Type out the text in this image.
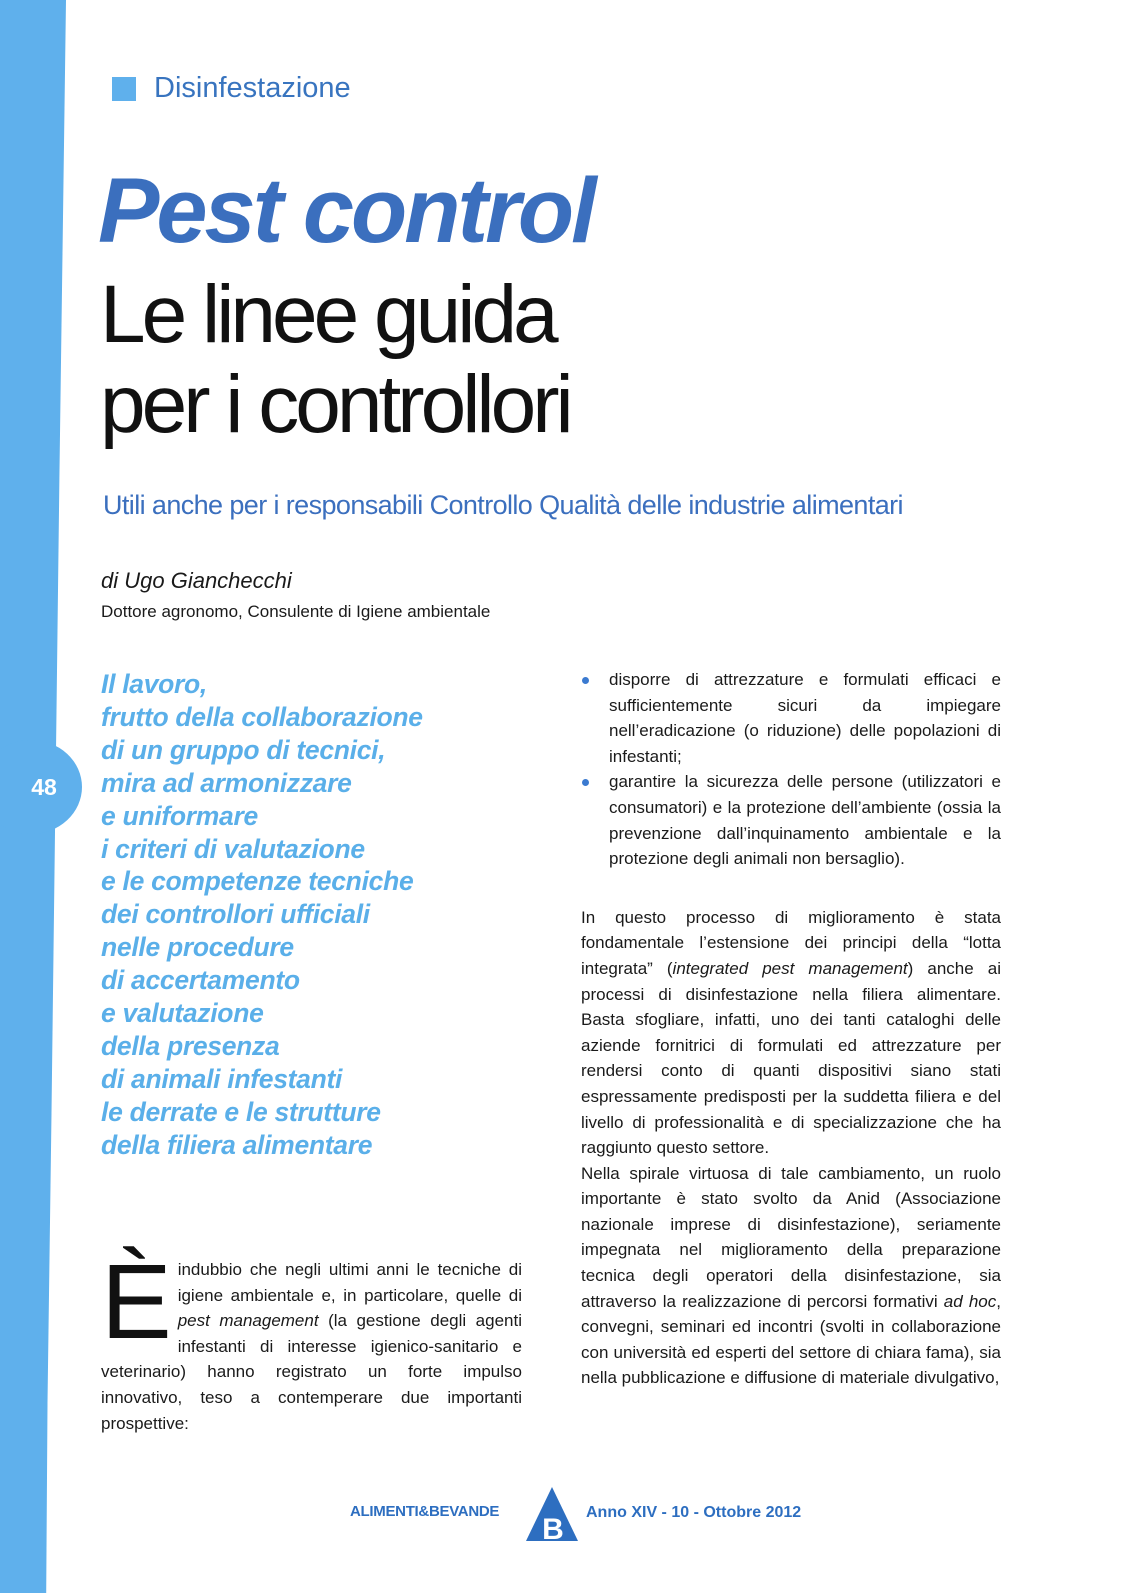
48
Disinfestazione
Pest control
Le linee guida
per i controllori

Utili anche per i responsabili Controllo Qualità delle industrie alimentari

di Ugo Gianchecchi
Dottore agronomo, Consulente di Igiene ambientale
Il lavoro,
frutto della collaborazione
di un gruppo di tecnici,
mira ad armonizzare
e uniformare
i criteri di valutazione
e le competenze tecniche
dei controllori ufficiali
nelle procedure
di accertamento
e valutazione
della presenza
di animali infestanti
le derrate e le strutture
della filiera alimentare

È indubbio che negli ultimi anni le tecniche di igiene ambientale e, in particolare, quelle di pest management (la gestione degli agenti infestanti di interesse igienico-sanitario e veterinario) hanno registrato un forte impulso innovativo, teso a contemperare due importanti prospettive:

disporre di attrezzature e formulati efficaci e sufficientemente sicuri da impiegare nell’eradicazione (o riduzione) delle popolazioni di infestanti;
garantire la sicurezza delle persone (utilizzatori e consumatori) e la protezione dell’ambiente (ossia la prevenzione dall’inquinamento ambientale e la protezione degli animali non bersaglio).

In questo processo di miglioramento è stata fondamentale l’estensione dei principi della “lotta integrata” (integrated pest management) anche ai processi di disinfestazione nella filiera alimentare. Basta sfogliare, infatti, uno dei tanti cataloghi delle aziende fornitrici di formulati ed attrezzature per rendersi conto di quanti dispositivi siano stati espressamente predisposti per la suddetta filiera e del livello di professionalità e di specializzazione che ha raggiunto questo settore.

Nella spirale virtuosa di tale cambiamento, un ruolo importante è stato svolto da Anid (Associazione nazionale imprese di disinfestazione), seriamente impegnata nel miglioramento della preparazione tecnica degli operatori della disinfestazione, sia attraverso la realizzazione di percorsi formativi ad hoc, convegni, seminari ed incontri (svolti in collaborazione con università ed esperti del settore di chiara fama), sia nella pubblicazione e diffusione di materiale divulgativo,

ALIMENTI&BEVANDE
B
Anno XIV - 10 - Ottobre 2012
